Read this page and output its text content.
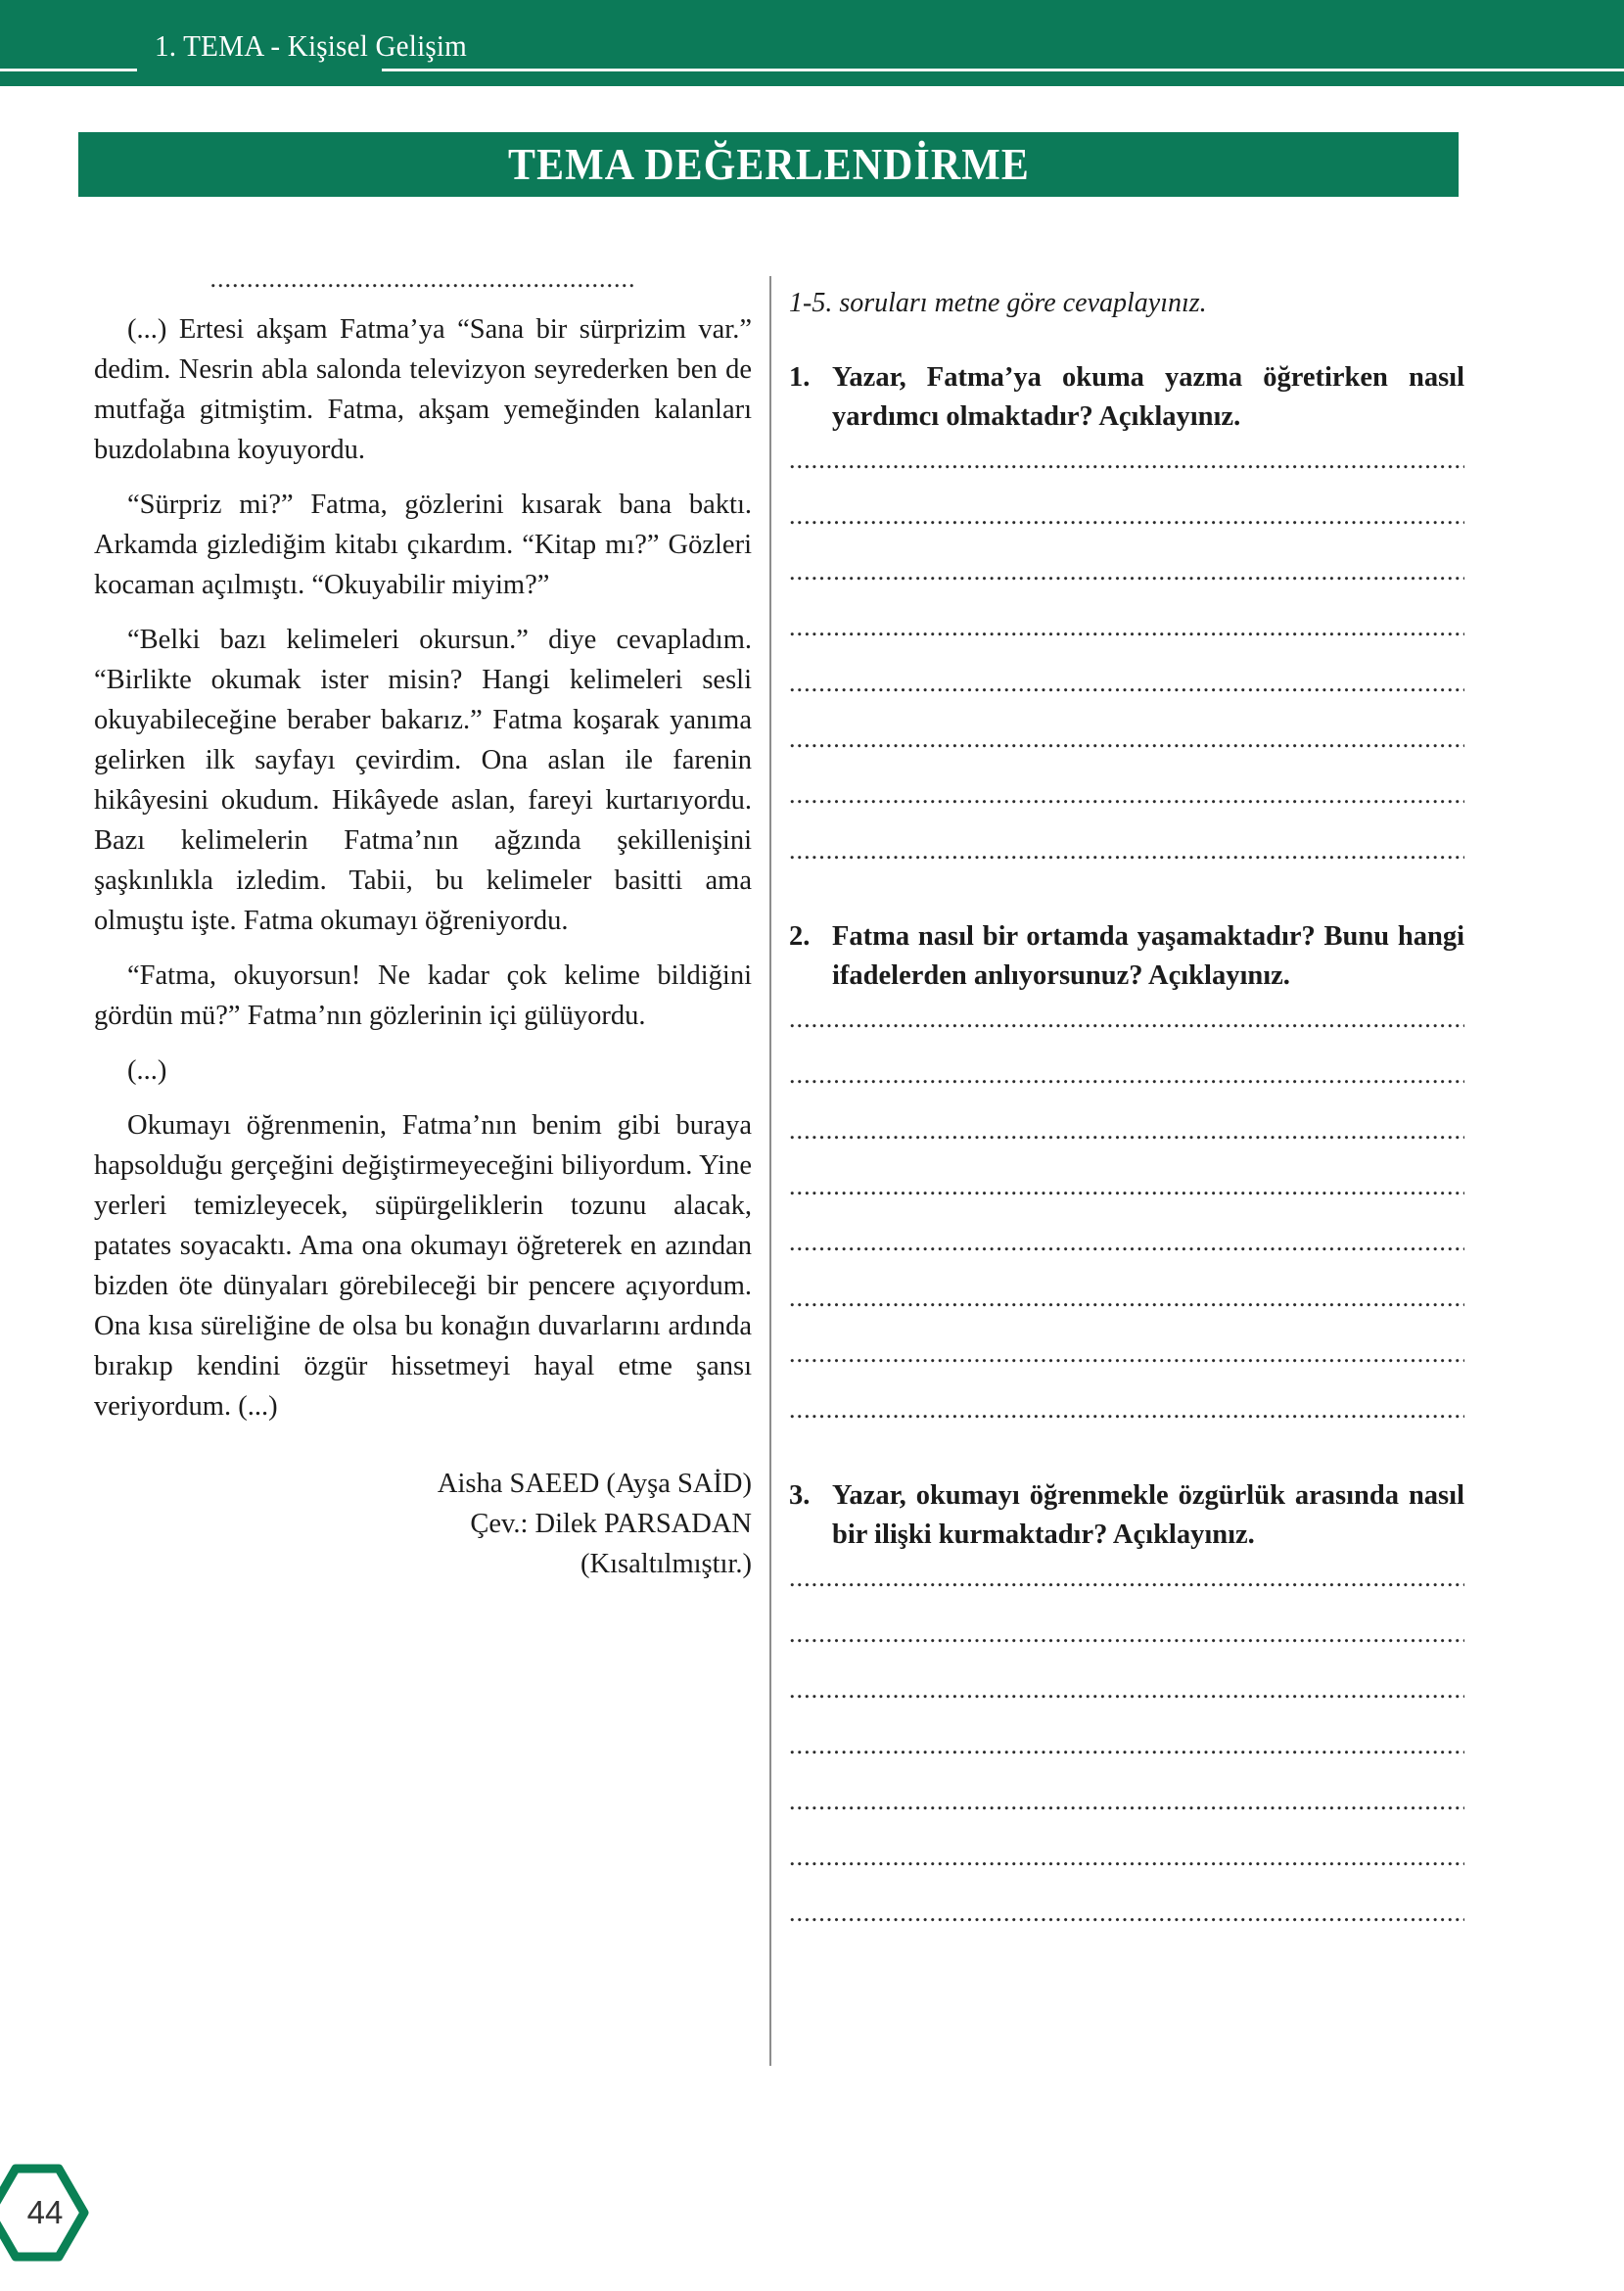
1. TEMA - Kişisel Gelişim
TEMA DEĞERLENDİRME
..........................................................

(...) Ertesi akşam Fatma’ya “Sana bir sürprizim var.” dedim. Nesrin abla salonda televizyon seyrederken ben de mutfağa gitmiştim. Fatma, akşam yemeğinden kalanları buzdolabına koyuyordu.

“Sürpriz mi?” Fatma, gözlerini kısarak bana baktı. Arkamda gizlediğim kitabı çıkardım. “Kitap mı?” Gözleri kocaman açılmıştı. “Okuyabilir miyim?”

“Belki bazı kelimeleri okursun.” diye cevapladım. “Birlikte okumak ister misin? Hangi kelimeleri sesli okuyabileceğine beraber bakarız.” Fatma koşarak yanıma gelirken ilk sayfayı çevirdim. Ona aslan ile farenin hikâyesini okudum. Hikâyede aslan, fareyi kurtarıyordu. Bazı kelimelerin Fatma’nın ağzında şekillenişini şaşkınlıkla izledim. Tabii, bu kelimeler basitti ama olmuştu işte. Fatma okumayı öğreniyordu.

“Fatma, okuyorsun! Ne kadar çok kelime bildiğini gördün mü?” Fatma’nın gözlerinin içi gülüyordu.

(...)

Okumayı öğrenmenin, Fatma’nın benim gibi buraya hapsolduğu gerçeğini değiştirmeyeceğini biliyordum. Yine yerleri temizleyecek, süpürgeliklerin tozunu alacak, patates soyacaktı. Ama ona okumayı öğreterek en azından bizden öte dünyaları görebileceği bir pencere açıyordum. Ona kısa süreliğine de olsa bu konağın duvarlarını ardında bırakıp kendini özgür hissetmeyi hayal etme şansı veriyordum. (...)

Aisha SAEED (Ayşa SAİD)
Çev.: Dilek PARSADAN
(Kısaltılmıştır.)
1-5. soruları metne göre cevaplayınız.
1. Yazar, Fatma’ya okuma yazma öğretirken nasıl yardımcı olmaktadır? Açıklayınız.
.....
.....
.....
.....
.....
.....
.....
.....
2. Fatma nasıl bir ortamda yaşamaktadır? Bunu hangi ifadelerden anlıyorsunuz? Açıklayınız.
.....
.....
.....
.....
.....
.....
.....
.....
3. Yazar, okumayı öğrenmekle özgürlük arasında nasıl bir ilişki kurmaktadır? Açıklayınız.
.....
.....
.....
.....
.....
.....
.....
44
